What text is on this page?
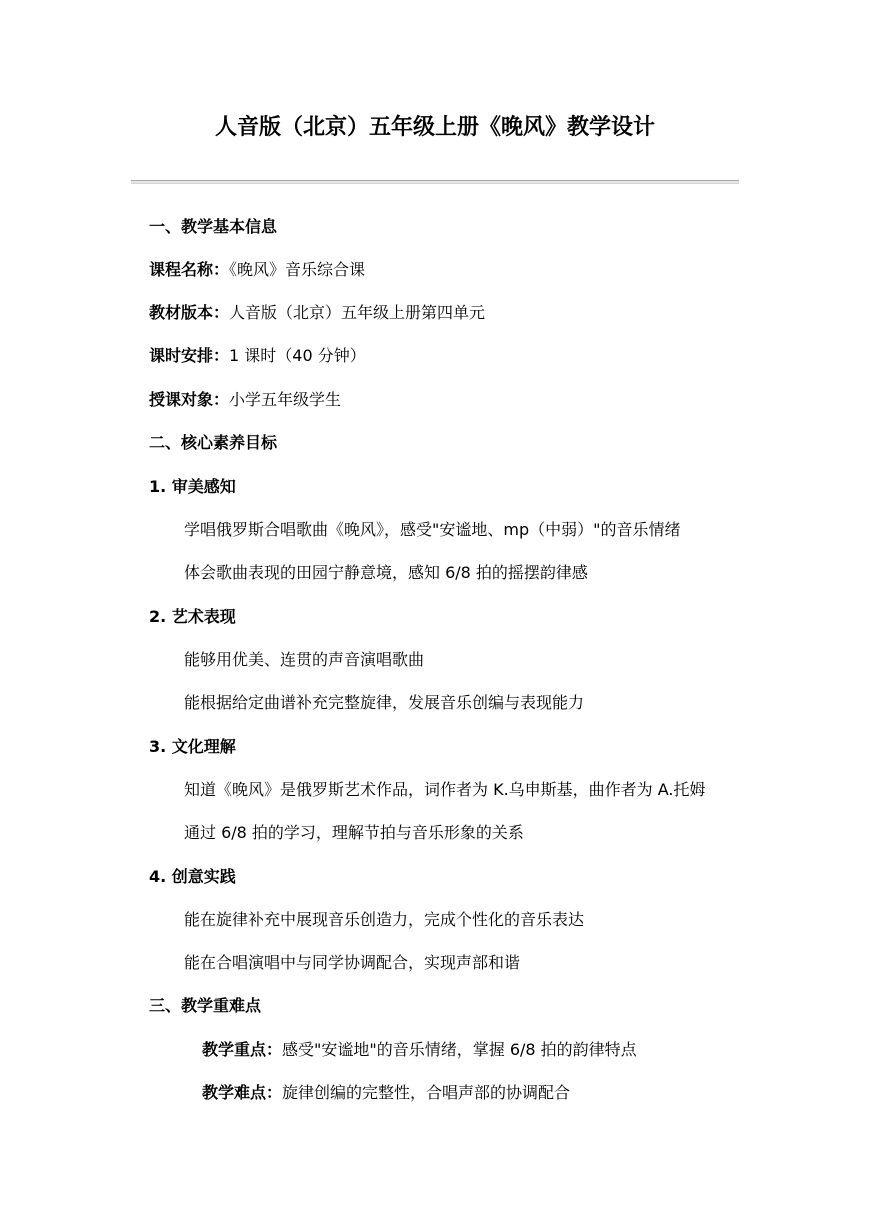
人音版（北京）五年级上册《晚风》教学设计
一、教学基本信息
课程名称：《晚风》音乐综合课
教材版本：人音版（北京）五年级上册第四单元
课时安排：1 课时（40 分钟）
授课对象：小学五年级学生
二、核心素养目标
1. 审美感知
学唱俄罗斯合唱歌曲《晚风》，感受"安谧地、mp（中弱）"的音乐情绪
体会歌曲表现的田园宁静意境，感知 6/8 拍的摇摆韵律感
2. 艺术表现
能够用优美、连贯的声音演唱歌曲
能根据给定曲谱补充完整旋律，发展音乐创编与表现能力
3. 文化理解
知道《晚风》是俄罗斯艺术作品，词作者为 K.乌申斯基，曲作者为 A.托姆
通过 6/8 拍的学习，理解节拍与音乐形象的关系
4. 创意实践
能在旋律补充中展现音乐创造力，完成个性化的音乐表达
能在合唱演唱中与同学协调配合，实现声部和谐
三、教学重难点
教学重点：感受"安谧地"的音乐情绪，掌握 6/8 拍的韵律特点
教学难点：旋律创编的完整性，合唱声部的协调配合
